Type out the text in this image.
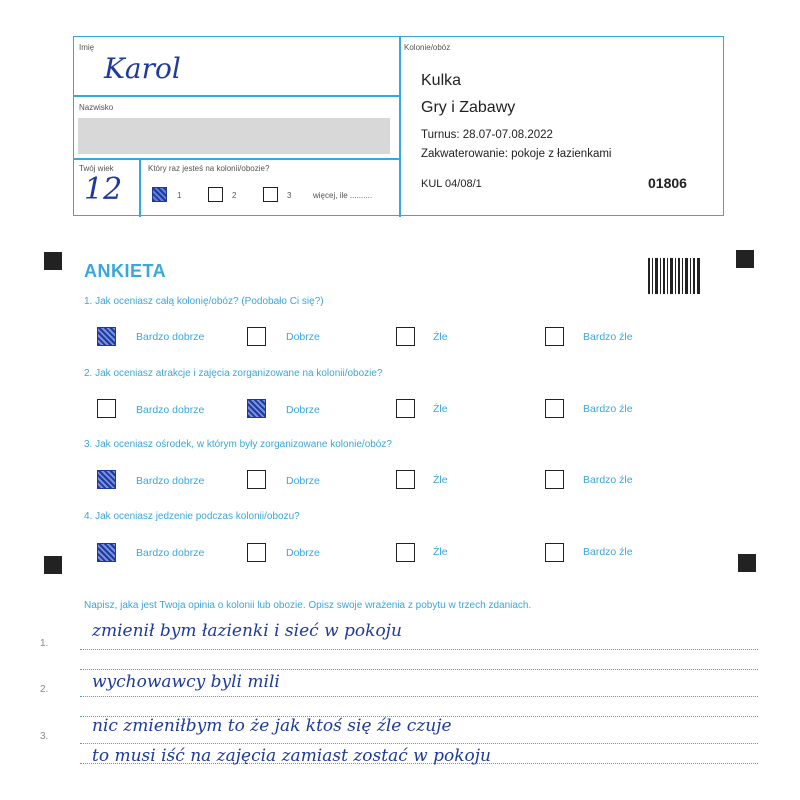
Imię
Karol
Nazwisko
Twój wiek
12
Który raz jesteś na kolonii/obozie?
1	2	3	więcej, ile ..........
Kolonie/obóz
Kulka
Gry i Zabawy
Turnus: 28.07-07.08.2022
Zakwaterowanie: pokoje z łazienkami
KUL 04/08/1	01806
ANKIETA
1. Jak oceniasz całą kolonię/obóz? (Podobało Ci się?)
Bardzo dobrze	Dobrze	Źle	Bardzo źle
2. Jak oceniasz atrakcje i zajęcia zorganizowane na kolonii/obozie?
Bardzo dobrze	Dobrze	Źle	Bardzo źle
3. Jak oceniasz ośrodek, w którym były zorganizowane kolonie/obóz?
Bardzo dobrze	Dobrze	Źle	Bardzo źle
4. Jak oceniasz jedzenie podczas kolonii/obozu?
Bardzo dobrze	Dobrze	Źle	Bardzo źle
Napisz, jaka jest Twoja opinia o kolonii lub obozie. Opisz swoje wrażenia z pobytu w trzech zdaniach.
1.
2.
3.
zmienił bym łazienki i sieć w pokoju
wychowawcy byli mili
nic zmieniłbym to że jak ktoś się źle czuje
to musi iść na zajęcia zamiast zostać w pokoju
